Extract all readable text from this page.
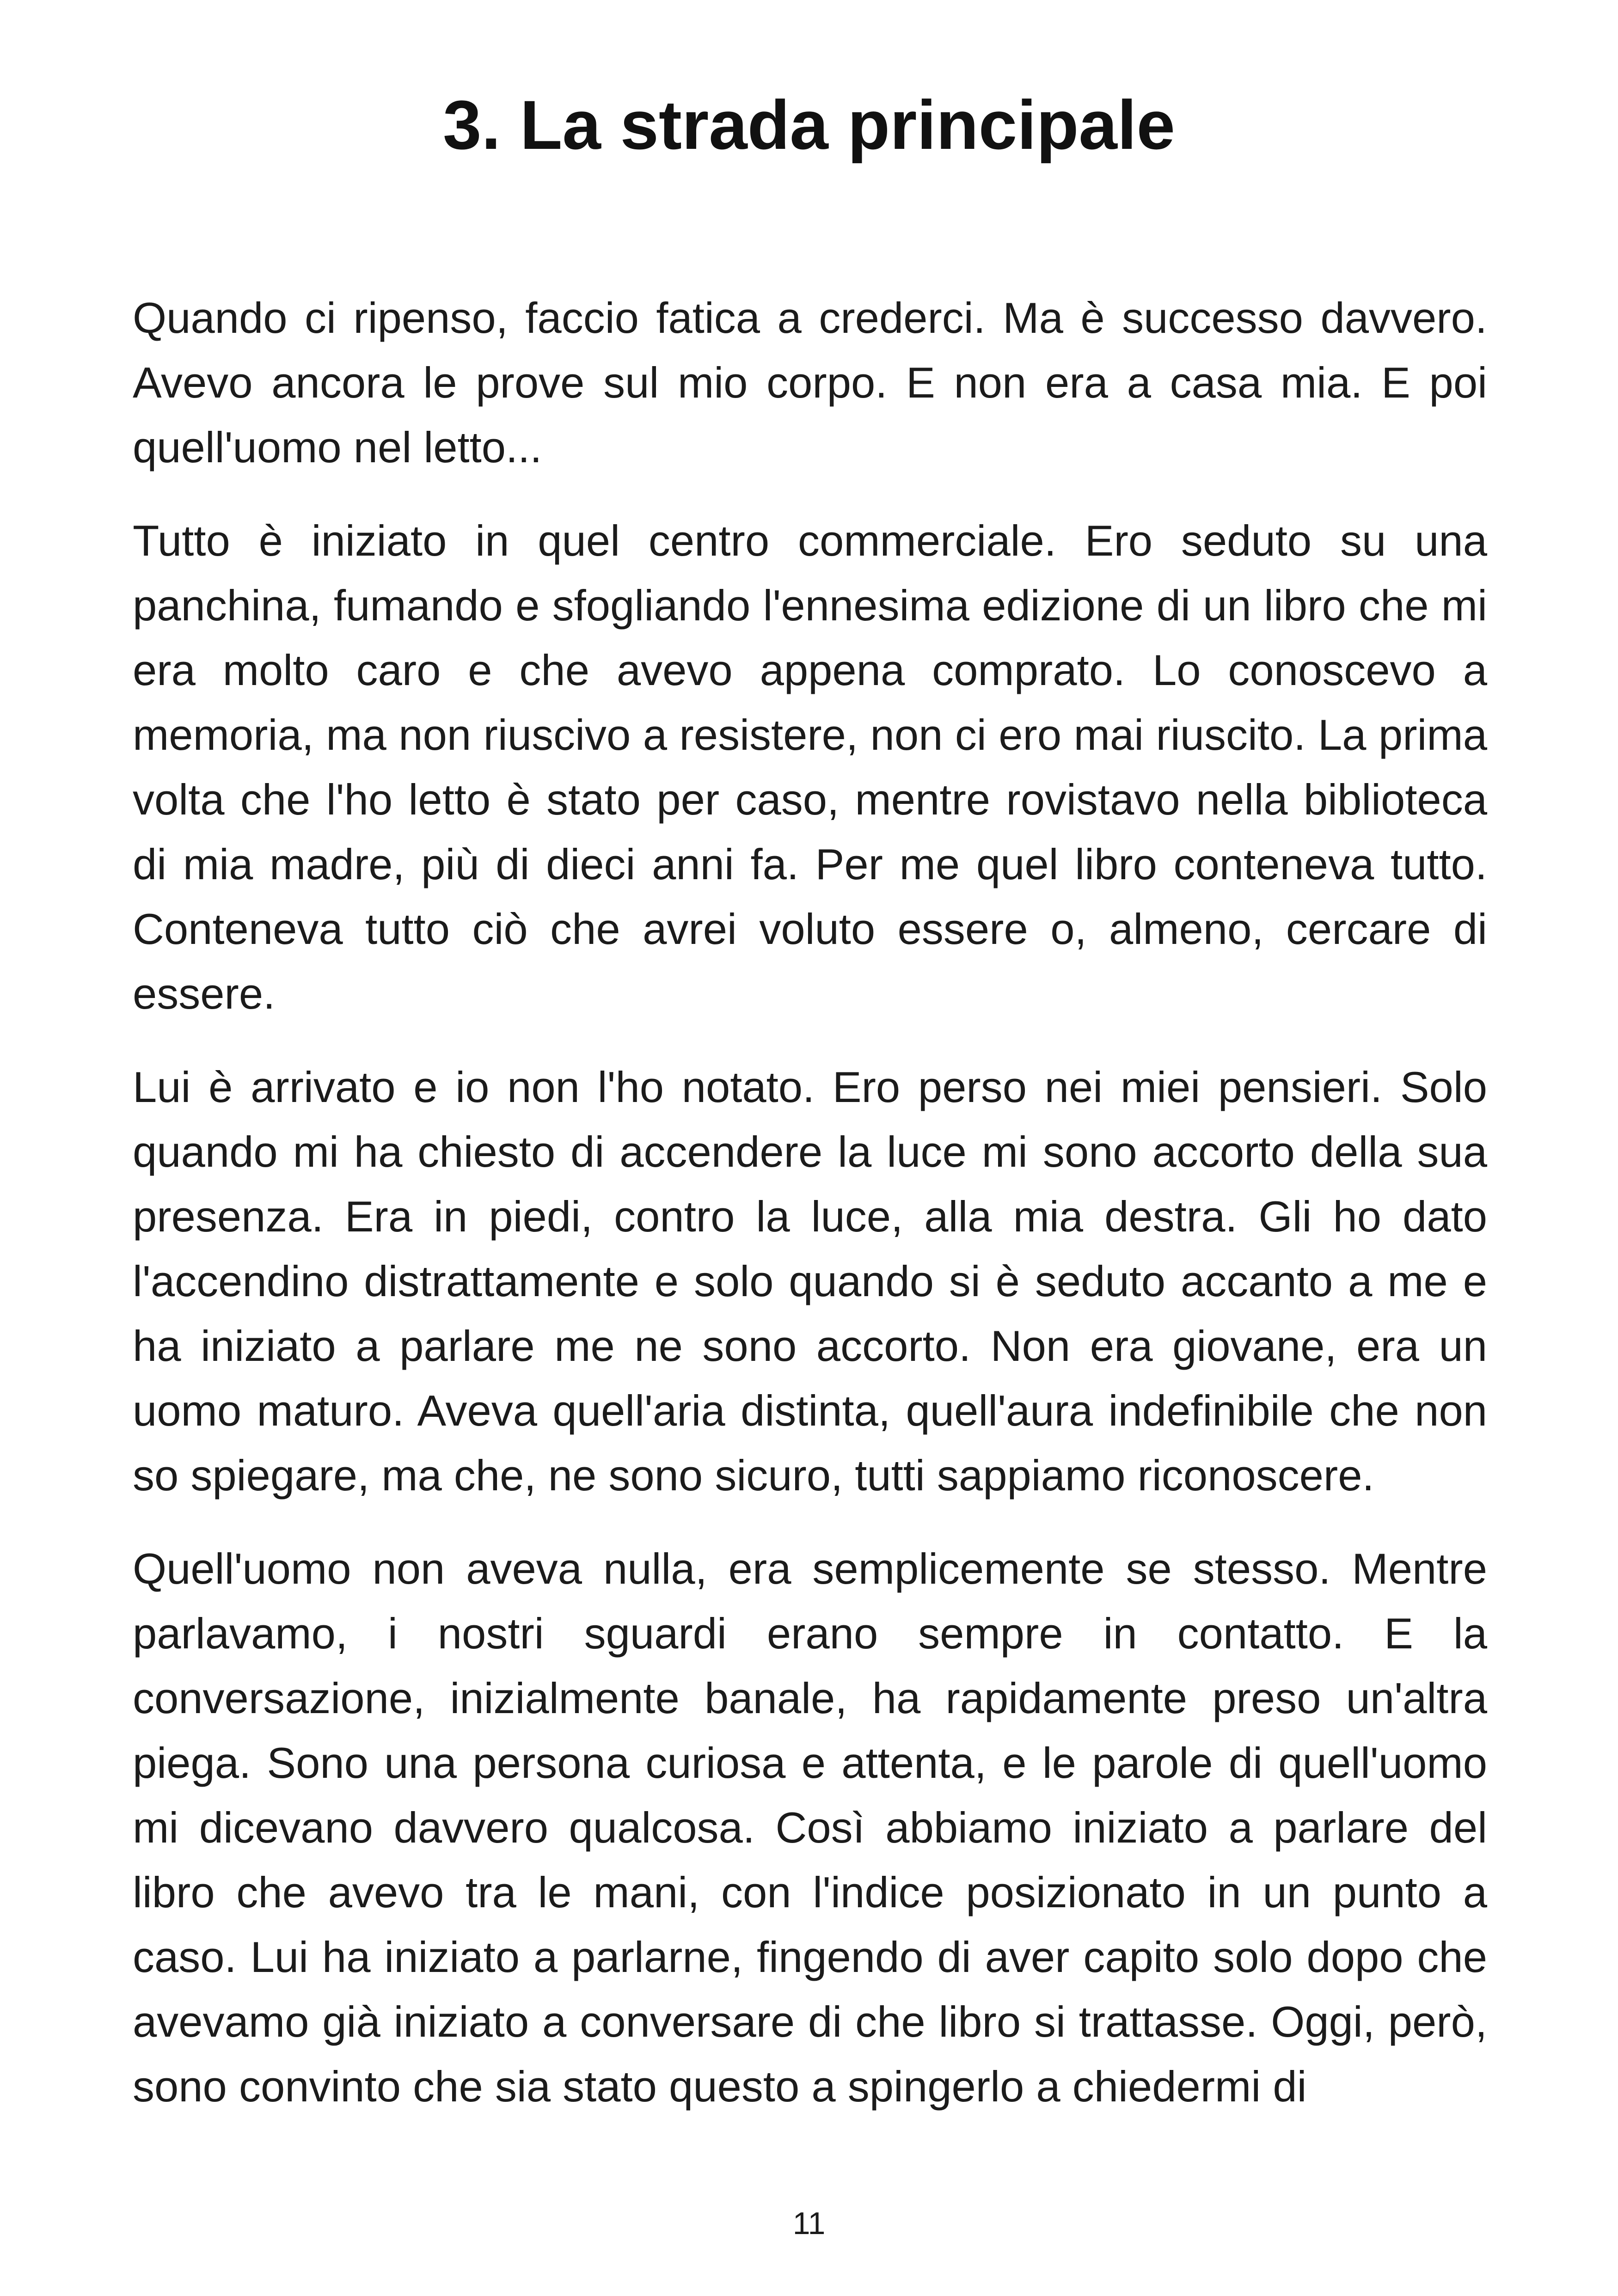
3. La strada principale

Quando ci ripenso, faccio fatica a crederci. Ma è successo davvero. Avevo ancora le prove sul mio corpo. E non era a casa mia. E poi quell'uomo nel letto...

Tutto è iniziato in quel centro commerciale. Ero seduto su una panchina, fumando e sfogliando l'ennesima edizione di un libro che mi era molto caro e che avevo appena comprato. Lo conoscevo a memoria, ma non riuscivo a resistere, non ci ero mai riuscito. La prima volta che l'ho letto è stato per caso, mentre rovistavo nella biblioteca di mia madre, più di dieci anni fa. Per me quel libro conteneva tutto. Conteneva tutto ciò che avrei voluto essere o, almeno, cercare di essere.

Lui è arrivato e io non l'ho notato. Ero perso nei miei pensieri. Solo quando mi ha chiesto di accendere la luce mi sono accorto della sua presenza. Era in piedi, contro la luce, alla mia destra. Gli ho dato l'accendino distrattamente e solo quando si è seduto accanto a me e ha iniziato a parlare me ne sono accorto. Non era giovane, era un uomo maturo. Aveva quell'aria distinta, quell'aura indefinibile che non so spiegare, ma che, ne sono sicuro, tutti sappiamo riconoscere.

Quell'uomo non aveva nulla, era semplicemente se stesso. Mentre parlavamo, i nostri sguardi erano sempre in contatto. E la conversazione, inizialmente banale, ha rapidamente preso un'altra piega. Sono una persona curiosa e attenta, e le parole di quell'uomo mi dicevano davvero qualcosa. Così abbiamo iniziato a parlare del libro che avevo tra le mani, con l'indice posizionato in un punto a caso. Lui ha iniziato a parlarne, fingendo di aver capito solo dopo che avevamo già iniziato a conversare di che libro si trattasse. Oggi, però, sono convinto che sia stato questo a spingerlo a chiedermi di

11
